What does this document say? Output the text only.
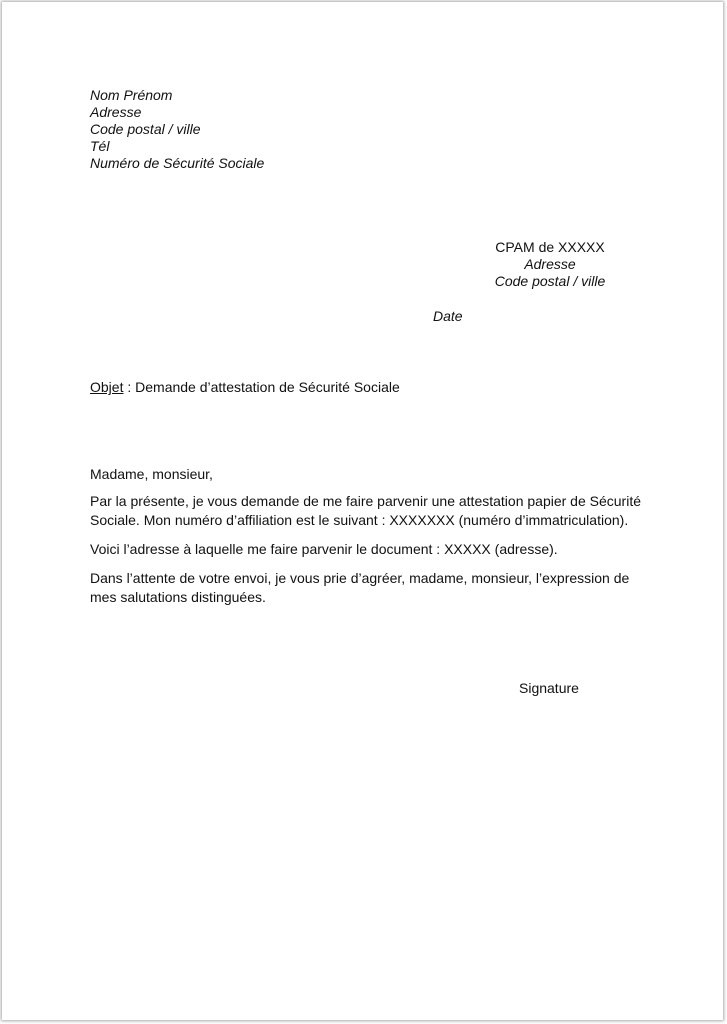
Nom Prénom
Adresse
Code postal / ville
Tél
Numéro de Sécurité Sociale
CPAM de XXXXX
Adresse
Code postal / ville
Date
Objet : Demande d’attestation de Sécurité Sociale

Madame, monsieur,

Par la présente, je vous demande de me faire parvenir une attestation papier de Sécurité Sociale. Mon numéro d’affiliation est le suivant : XXXXXXX (numéro d’immatriculation).

Voici l’adresse à laquelle me faire parvenir le document : XXXXX (adresse).

Dans l’attente de votre envoi, je vous prie d’agréer, madame, monsieur, l’expression de mes salutations distinguées.

Signature
